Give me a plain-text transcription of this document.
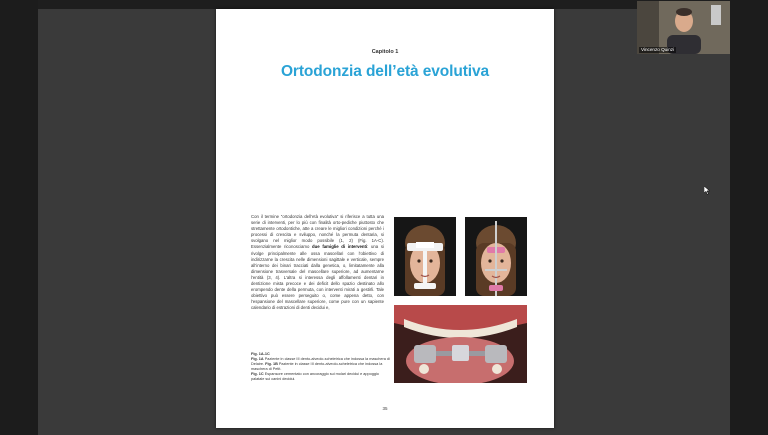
Capitolo 1
Ortodonzia dell’età evolutiva
Con il termine “ortodonzia dell’età evolutiva” si riferisce a tutta una serie di interventi, per lo più con finalità orto-pediche piuttosto che strettamente ortodontiche, atte a creare le migliori condizioni perché i processi di crescita e sviluppo, nonché la permuta dentaria, si svolgano nel miglior modo possibile (1, 2) (Fig. 1A-C). Essenzialmente riconosciamo due famiglie di interventi: una si rivolge principalmente alle ossa mascellari con l’obiettivo di indirizzarne la crescita nelle dimensioni sagittale e verticale, sempre all’interno dei binari tracciati dalla genetica, o, limitatamente alla dimensione trasversale del mascellare superiore, ad aumentarne l’entità (3, 4). L’altra si interessa degli affollamenti dentari in dentizione mista precoce e dei deficit dello spazio destinato allo erompendo dente della permuta, con interventi mirati a gestirli. Tale obiettivo può essere perseguito o, come appena detto, con l’espansione del mascellare superiore, come pure con un sapiente calendario di estrazioni di denti decidui e,
Fig. 1A-1C
Fig. 1A Paziente in classe III dento-alveolo-scheletrica che indossa la maschera di Delaire. Fig. 1B Paziente in classe III dento-alveolo-scheletrica che indossa la maschera di Petit.
Fig. 1C Espansore cementato con ancoraggio sui molari decidui e appoggio palatale sui canini decidui.
35
Vincenzo Quinzi
